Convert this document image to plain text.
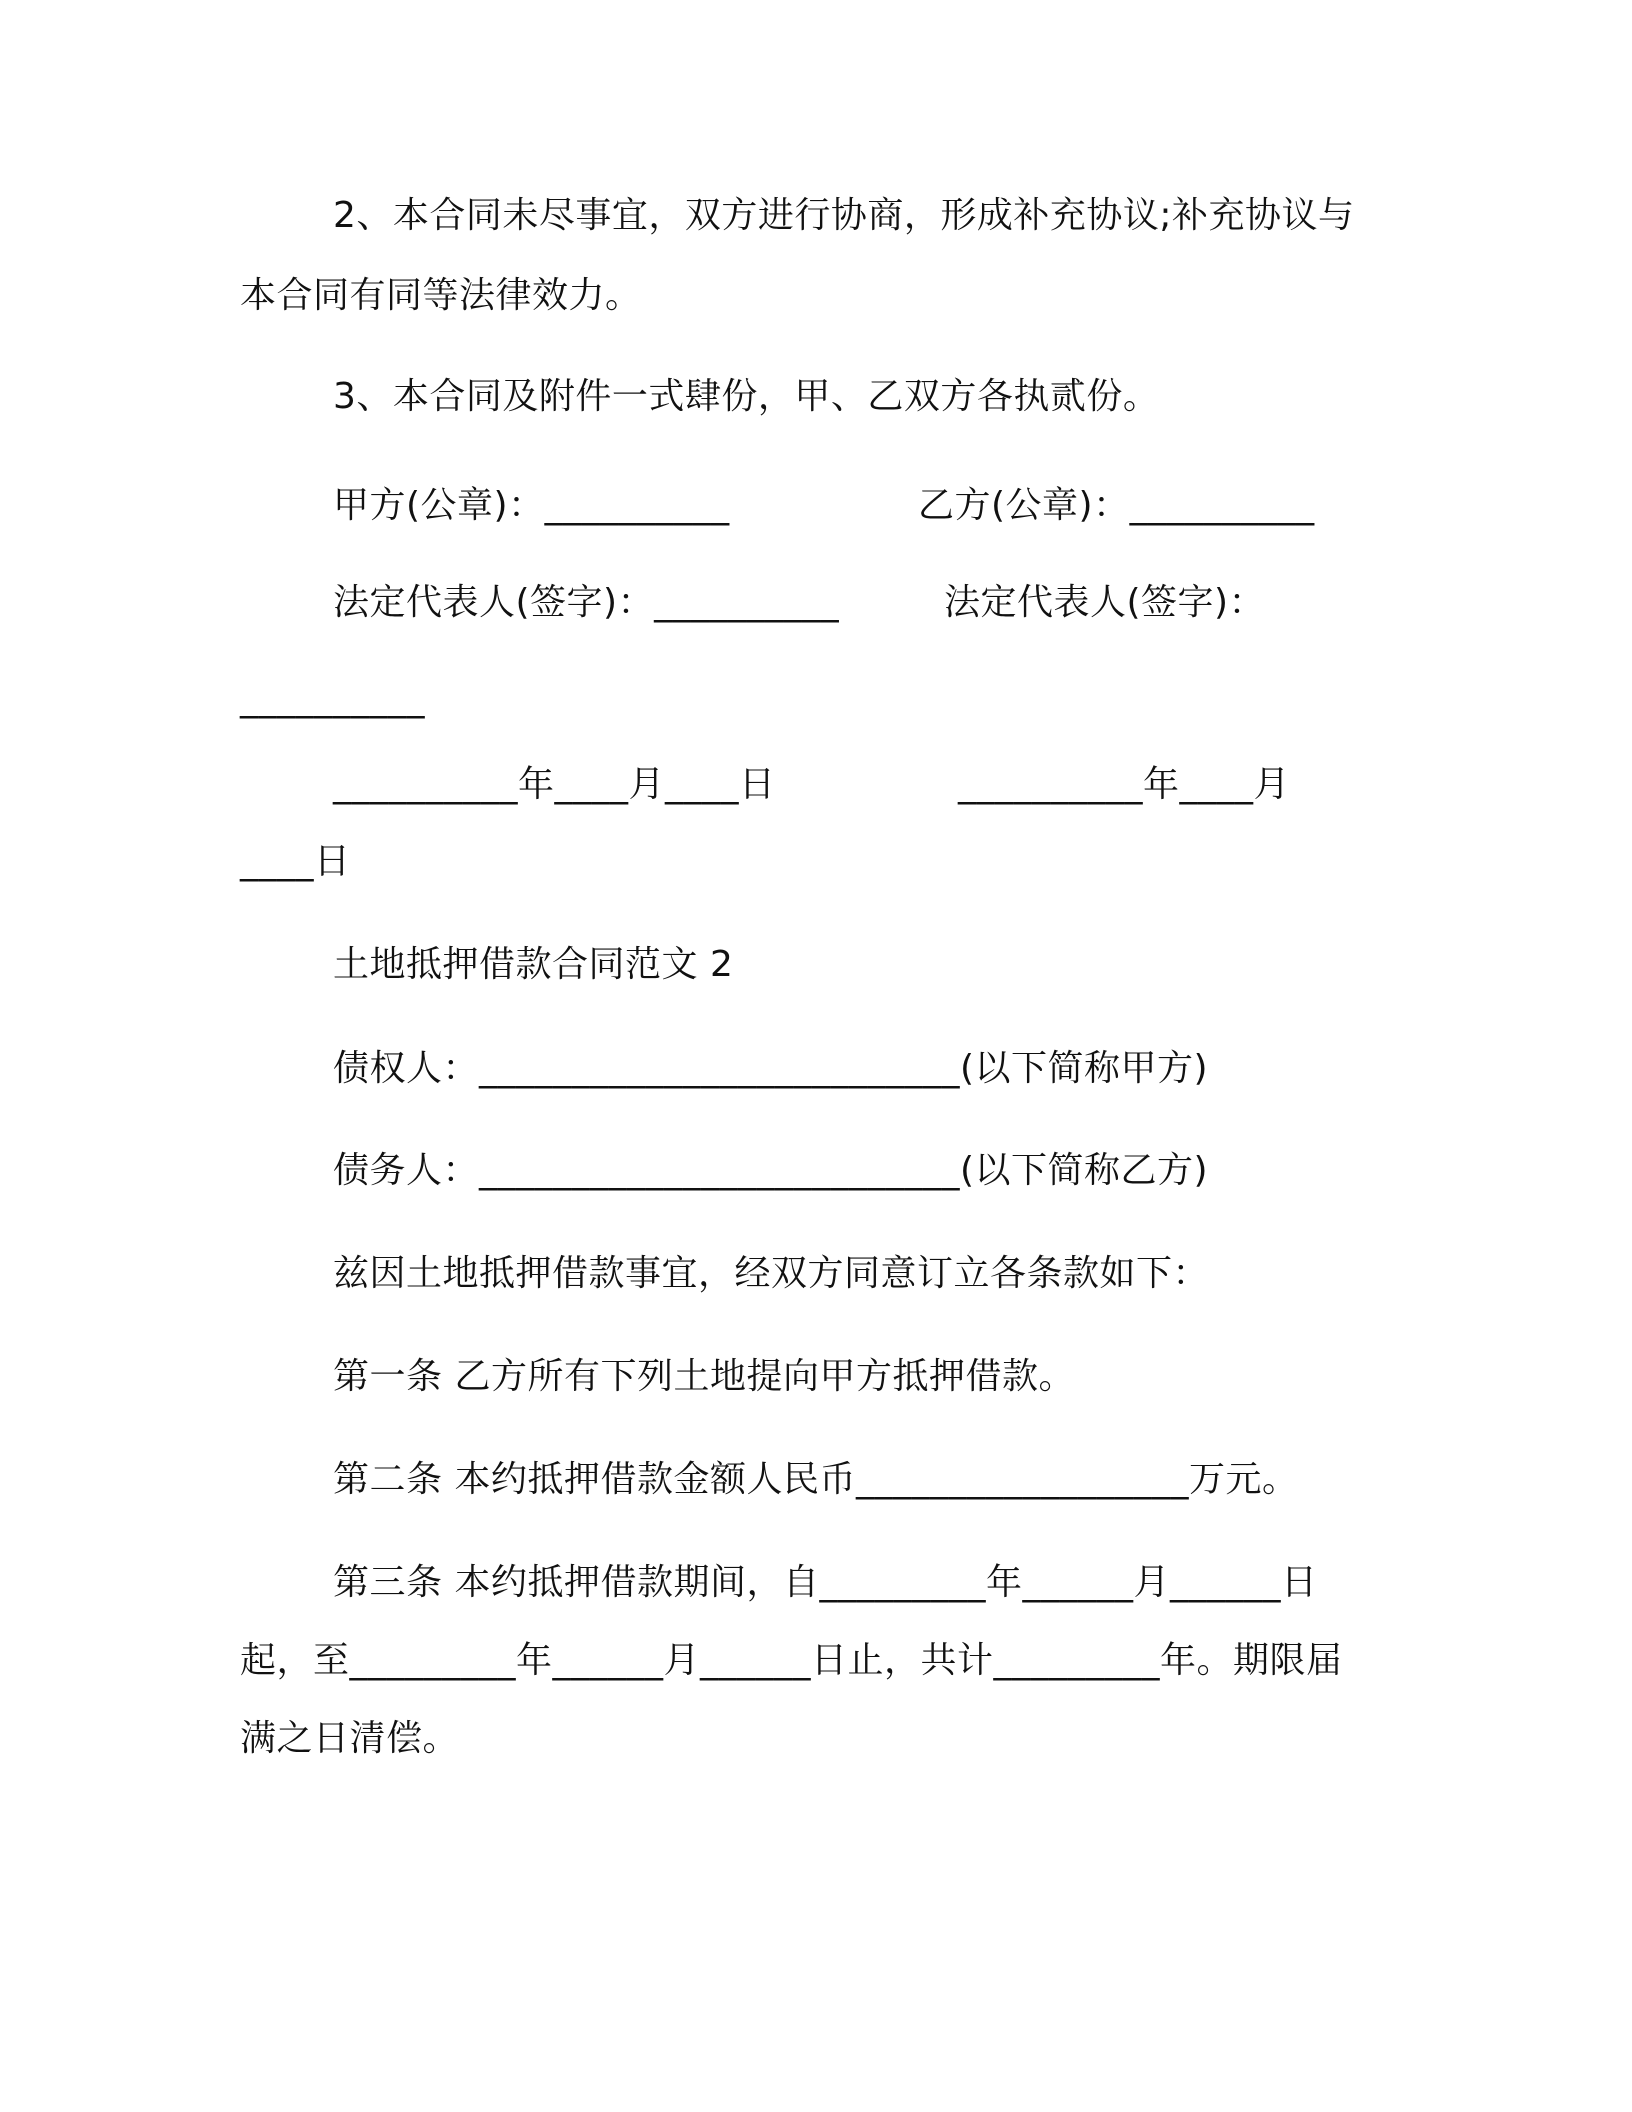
2、本合同未尽事宜，双方进行协商，形成补充协议;补充协议与
本合同有同等法律效力。
3、本合同及附件一式肆份，甲、乙双方各执贰份。
甲方(公章)：__________	乙方(公章)：__________
法定代表人(签字)：__________	法定代表人(签字)：
__________
__________年____月____日	__________年____月
____日
土地抵押借款合同范文 2
债权人：__________________________(以下简称甲方)
债务人：__________________________(以下简称乙方)
兹因土地抵押借款事宜，经双方同意订立各条款如下：
第一条 乙方所有下列土地提向甲方抵押借款。
第二条 本约抵押借款金额人民币__________________万元。
第三条 本约抵押借款期间，自_________年______月______日
起，至_________年______月______日止，共计_________年。期限届
满之日清偿。
